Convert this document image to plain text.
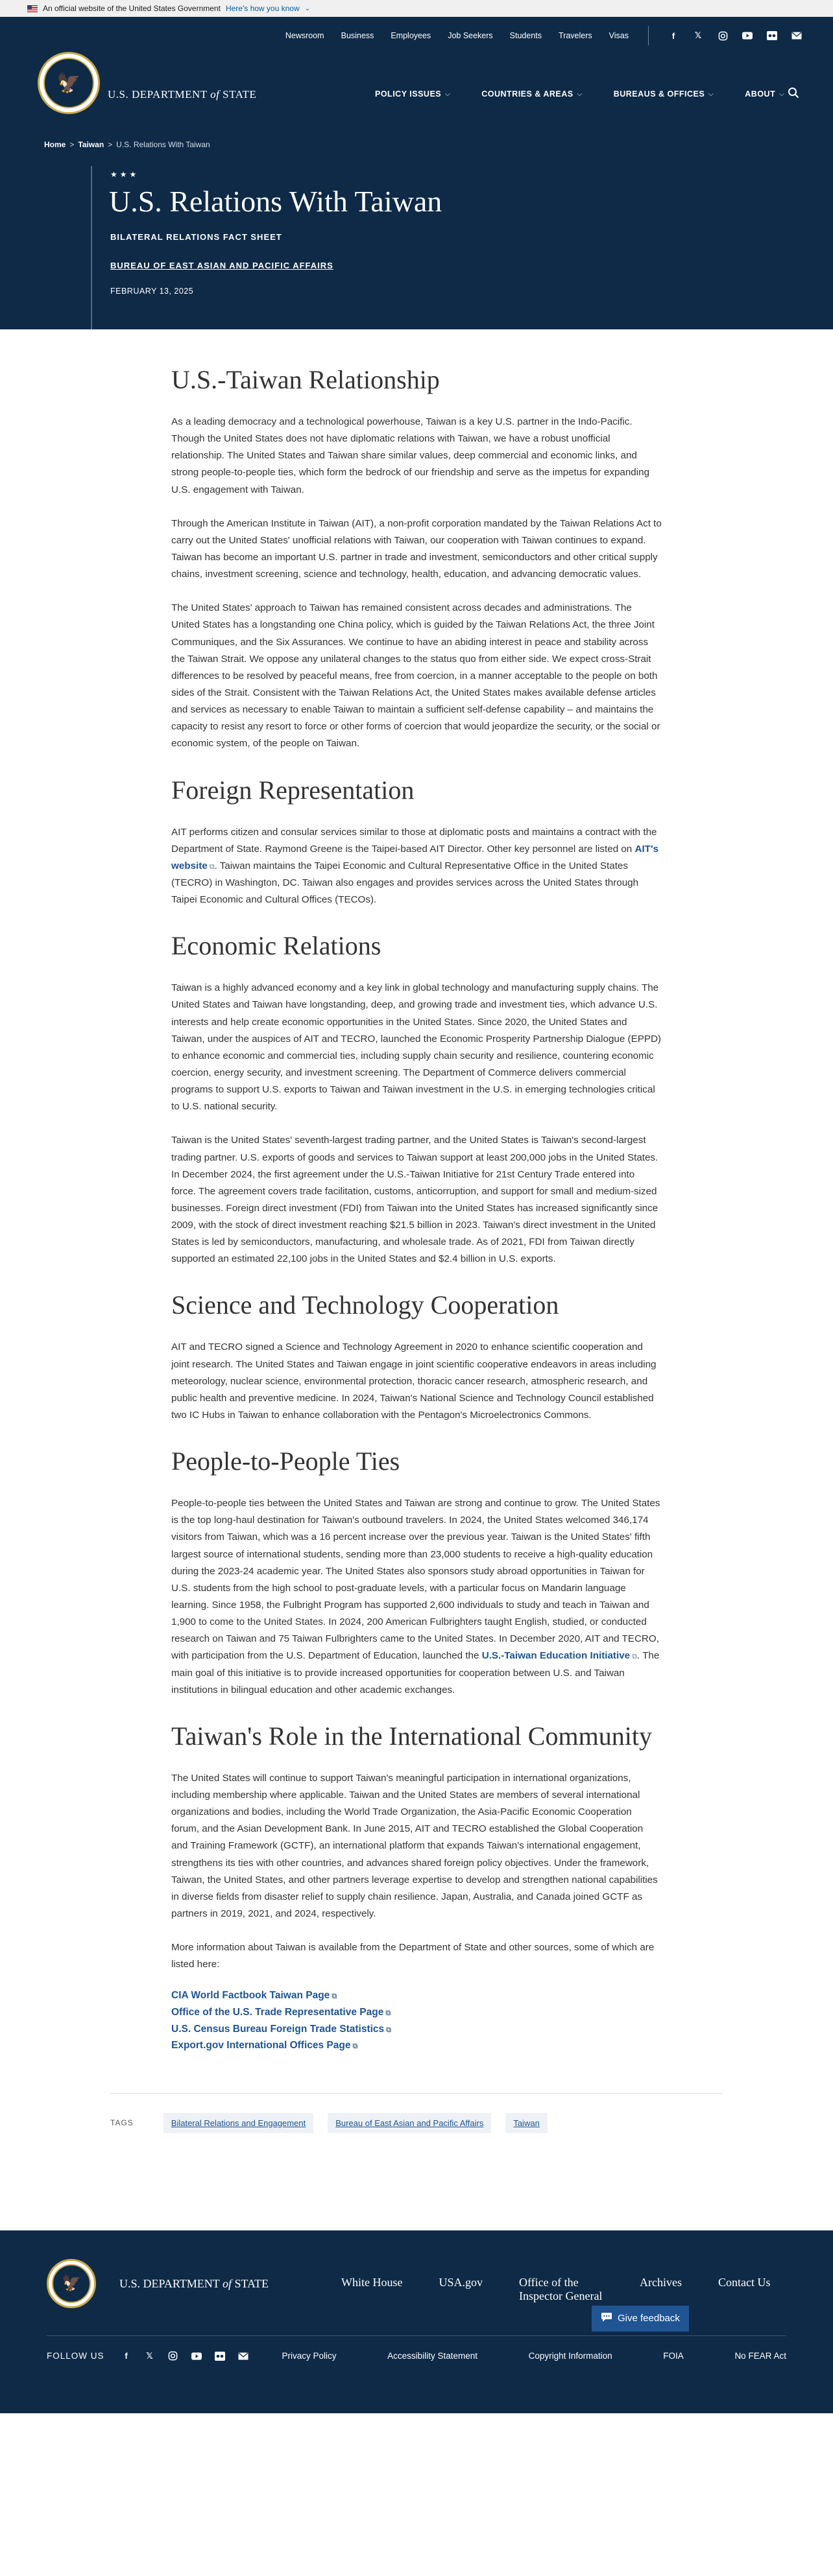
An official website of the United States Government Here's how you know ⌄
Newsroom Business Employees Job Seekers Students Travelers Visas	f	𝕏
🦅
U.S. DEPARTMENT of STATE	POLICY ISSUES ⌵	COUNTRIES & AREAS ⌵	BUREAUS & OFFICES ⌵	ABOUT ⌵
Home > Taiwan > U.S. Relations With Taiwan
★★★
U.S. Relations With Taiwan
BILATERAL RELATIONS FACT SHEET
BUREAU OF EAST ASIAN AND PACIFIC AFFAIRS
FEBRUARY 13, 2025
U.S.-Taiwan Relationship

As a leading democracy and a technological powerhouse, Taiwan is a key U.S. partner in the Indo-Pacific. Though the United States does not have diplomatic relations with Taiwan, we have a robust unofficial relationship. The United States and Taiwan share similar values, deep commercial and economic links, and strong people-to-people ties, which form the bedrock of our friendship and serve as the impetus for expanding U.S. engagement with Taiwan.

Through the American Institute in Taiwan (AIT), a non-profit corporation mandated by the Taiwan Relations Act to carry out the United States' unofficial relations with Taiwan, our cooperation with Taiwan continues to expand. Taiwan has become an important U.S. partner in trade and investment, semiconductors and other critical supply chains, investment screening, science and technology, health, education, and advancing democratic values.

The United States' approach to Taiwan has remained consistent across decades and administrations. The United States has a longstanding one China policy, which is guided by the Taiwan Relations Act, the three Joint Communiques, and the Six Assurances. We continue to have an abiding interest in peace and stability across the Taiwan Strait. We oppose any unilateral changes to the status quo from either side. We expect cross-Strait differences to be resolved by peaceful means, free from coercion, in a manner acceptable to the people on both sides of the Strait. Consistent with the Taiwan Relations Act, the United States makes available defense articles and services as necessary to enable Taiwan to maintain a sufficient self-defense capability – and maintains the capacity to resist any resort to force or other forms of coercion that would jeopardize the security, or the social or economic system, of the people on Taiwan.

Foreign Representation

AIT performs citizen and consular services similar to those at diplomatic posts and maintains a contract with the Department of State. Raymond Greene is the Taipei-based AIT Director. Other key personnel are listed on AIT's website ⧉. Taiwan maintains the Taipei Economic and Cultural Representative Office in the United States (TECRO) in Washington, DC. Taiwan also engages and provides services across the United States through Taipei Economic and Cultural Offices (TECOs).

Economic Relations

Taiwan is a highly advanced economy and a key link in global technology and manufacturing supply chains. The United States and Taiwan have longstanding, deep, and growing trade and investment ties, which advance U.S. interests and help create economic opportunities in the United States. Since 2020, the United States and Taiwan, under the auspices of AIT and TECRO, launched the Economic Prosperity Partnership Dialogue (EPPD) to enhance economic and commercial ties, including supply chain security and resilience, countering economic coercion, energy security, and investment screening. The Department of Commerce delivers commercial programs to support U.S. exports to Taiwan and Taiwan investment in the U.S. in emerging technologies critical to U.S. national security.

Taiwan is the United States' seventh-largest trading partner, and the United States is Taiwan's second-largest trading partner. U.S. exports of goods and services to Taiwan support at least 200,000 jobs in the United States. In December 2024, the first agreement under the U.S.-Taiwan Initiative for 21st Century Trade entered into force. The agreement covers trade facilitation, customs, anticorruption, and support for small and medium-sized businesses. Foreign direct investment (FDI) from Taiwan into the United States has increased significantly since 2009, with the stock of direct investment reaching $21.5 billion in 2023. Taiwan's direct investment in the United States is led by semiconductors, manufacturing, and wholesale trade. As of 2021, FDI from Taiwan directly supported an estimated 22,100 jobs in the United States and $2.4 billion in U.S. exports.

Science and Technology Cooperation

AIT and TECRO signed a Science and Technology Agreement in 2020 to enhance scientific cooperation and joint research. The United States and Taiwan engage in joint scientific cooperative endeavors in areas including meteorology, nuclear science, environmental protection, thoracic cancer research, atmospheric research, and public health and preventive medicine. In 2024, Taiwan's National Science and Technology Council established two IC Hubs in Taiwan to enhance collaboration with the Pentagon's Microelectronics Commons.

People-to-People Ties

People-to-people ties between the United States and Taiwan are strong and continue to grow. The United States is the top long-haul destination for Taiwan's outbound travelers. In 2024, the United States welcomed 346,174 visitors from Taiwan, which was a 16 percent increase over the previous year. Taiwan is the United States' fifth largest source of international students, sending more than 23,000 students to receive a high-quality education during the 2023-24 academic year. The United States also sponsors study abroad opportunities in Taiwan for U.S. students from the high school to post-graduate levels, with a particular focus on Mandarin language learning. Since 1958, the Fulbright Program has supported 2,600 individuals to study and teach in Taiwan and 1,900 to come to the United States. In 2024, 200 American Fulbrighters taught English, studied, or conducted research on Taiwan and 75 Taiwan Fulbrighters came to the United States. In December 2020, AIT and TECRO, with participation from the U.S. Department of Education, launched the U.S.-Taiwan Education Initiative ⧉. The main goal of this initiative is to provide increased opportunities for cooperation between U.S. and Taiwan institutions in bilingual education and other academic exchanges.

Taiwan's Role in the International Community

The United States will continue to support Taiwan's meaningful participation in international organizations, including membership where applicable. Taiwan and the United States are members of several international organizations and bodies, including the World Trade Organization, the Asia-Pacific Economic Cooperation forum, and the Asian Development Bank. In June 2015, AIT and TECRO established the Global Cooperation and Training Framework (GCTF), an international platform that expands Taiwan's international engagement, strengthens its ties with other countries, and advances shared foreign policy objectives. Under the framework, Taiwan, the United States, and other partners leverage expertise to develop and strengthen national capabilities in diverse fields from disaster relief to supply chain resilience. Japan, Australia, and Canada joined GCTF as partners in 2019, 2021, and 2024, respectively.

More information about Taiwan is available from the Department of State and other sources, some of which are listed here:

CIA World Factbook Taiwan Page ⧉
Office of the U.S. Trade Representative Page ⧉
U.S. Census Bureau Foreign Trade Statistics ⧉
Export.gov International Offices Page ⧉
TAGS	Bilateral Relations and Engagement	Bureau of East Asian and Pacific Affairs	Taiwan
🦅	U.S. DEPARTMENT of STATE	White House	USA.gov	Office of the Inspector General
Archives	Contact Us
Give feedback
FOLLOW US	f	𝕏	Privacy Policy	Accessibility Statement	Copyright Information	FOIA	No FEAR Act
